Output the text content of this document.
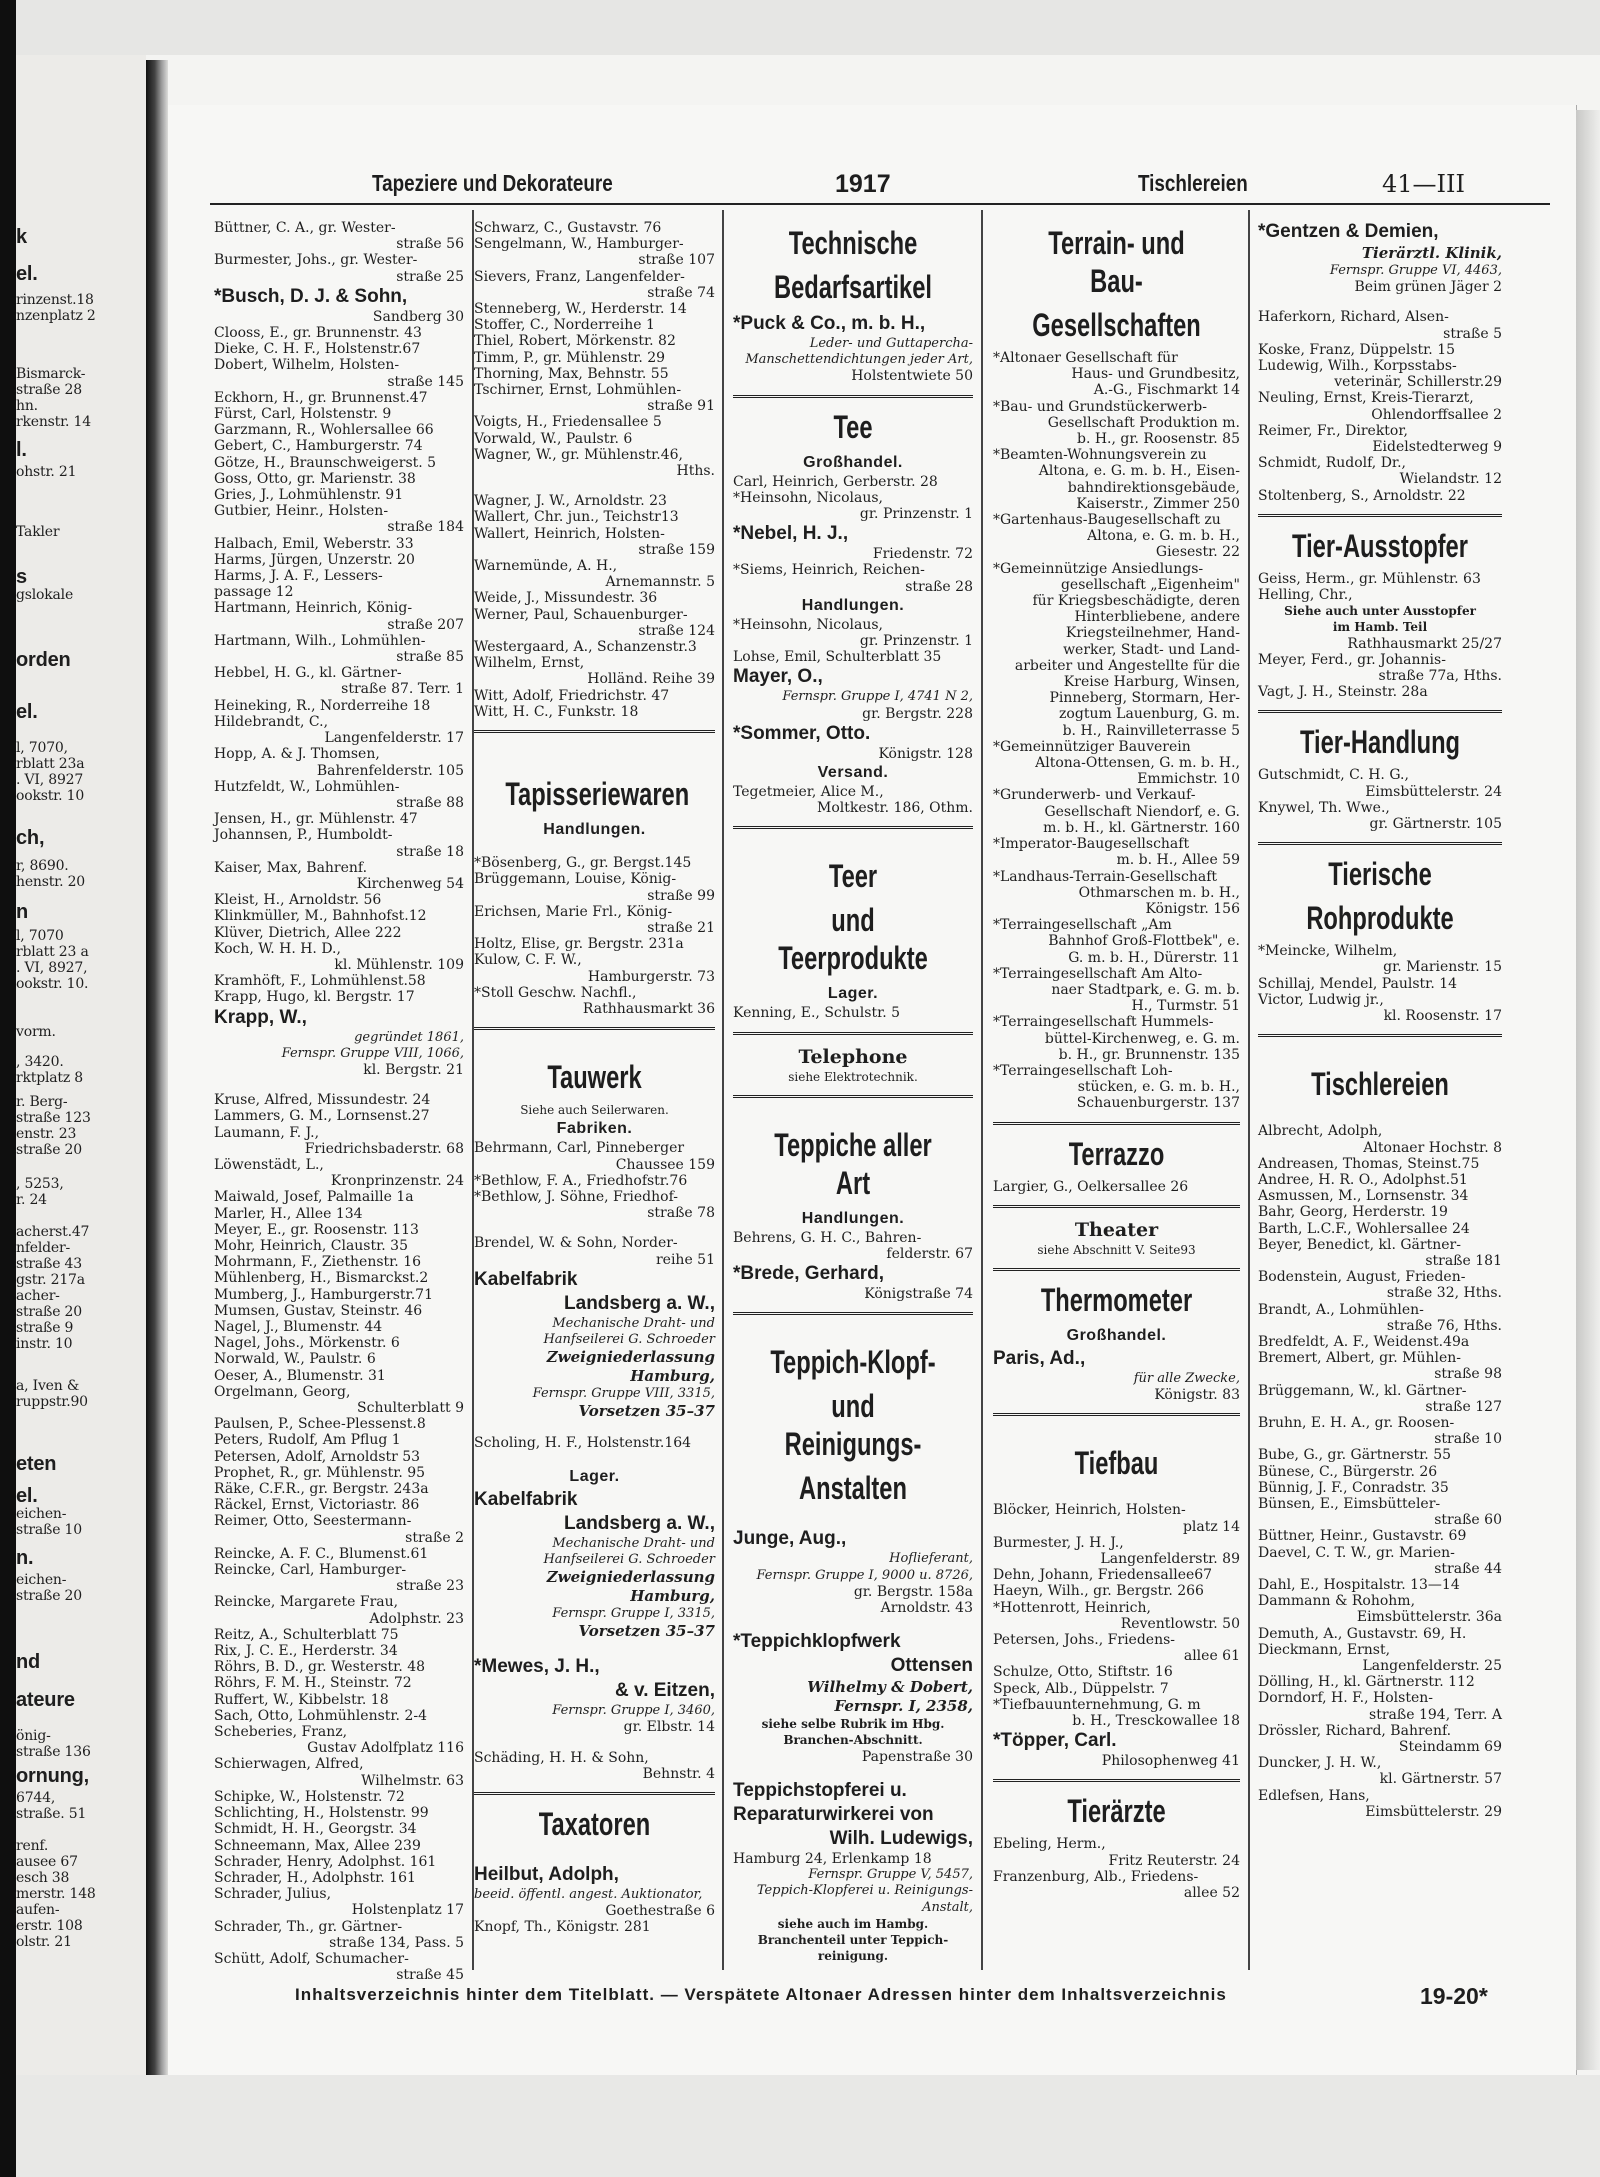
k
el.
rinzenst.18
nzenplatz 2
Bismarck-
straße 28
hn.
rkenstr. 14
l.
ohstr. 21
Takler
s
gslokale
orden
el.
l, 7070,
rblatt 23a
. VI, 8927
ookstr. 10
ch,
r, 8690.
henstr. 20
n
l, 7070
rblatt 23 a
. VI, 8927,
ookstr. 10.
vorm.
, 3420.
rktplatz 8
r. Berg-
straße 123
enstr. 23
straße 20
, 5253,
r. 24
acherst.47
nfelder-
straße 43
gstr. 217a
acher-
straße 20
straße 9
instr. 10
a, Iven &
ruppstr.90
eten
el.
eichen-
straße 10
n.
eichen-
straße 20
nd
ateure
önig-
straße 136
ornung,
6744,
straße. 51
renf.
ausee 67
esch 38
merstr. 148
aufen-
erstr. 108
olstr. 21
Tapeziere und Dekorateure	1917	Tischlereien	41—III
Büttner, C. A., gr. Wester-
straße 56
Burmester, Johs., gr. Wester-
straße 25
*Busch, D. J. & Sohn,
Sandberg 30
Clooss, E., gr. Brunnenstr. 43
Dieke, C. H. F., Holstenstr.67
Dobert, Wilhelm, Holsten-
straße 145
Eckhorn, H., gr. Brunnenst.47
Fürst, Carl, Holstenstr. 9
Garzmann, R., Wohlersallee 66
Gebert, C., Hamburgerstr. 74
Götze, H., Braunschweigerst. 5
Goss, Otto, gr. Marienstr. 38
Gries, J., Lohmühlenstr. 91
Gutbier, Heinr., Holsten-
straße 184
Halbach, Emil, Weberstr. 33
Harms, Jürgen, Unzerstr. 20
Harms, J. A. F., Lessers-
passage 12
Hartmann, Heinrich, König-
straße 207
Hartmann, Wilh., Lohmühlen-
straße 85
Hebbel, H. G., kl. Gärtner-
straße 87. Terr. 1
Heineking, R., Norderreihe 18
Hildebrandt, C.,
Langenfelderstr. 17
Hopp, A. & J. Thomsen,
Bahrenfelderstr. 105
Hutzfeldt, W., Lohmühlen-
straße 88
Jensen, H., gr. Mühlenstr. 47
Johannsen, P., Humboldt-
straße 18
Kaiser, Max, Bahrenf.
Kirchenweg 54
Kleist, H., Arnoldstr. 56
Klinkmüller, M., Bahnhofst.12
Klüver, Dietrich, Allee 222
Koch, W. H. H. D.,
kl. Mühlenstr. 109
Kramhöft, F., Lohmühlenst.58
Krapp, Hugo, kl. Bergstr. 17
Krapp, W.,
gegründet 1861,
Fernspr. Gruppe VIII, 1066,
kl. Bergstr. 21
Kruse, Alfred, Missundestr. 24
Lammers, G. M., Lornsenst.27
Laumann, F. J.,
Friedrichsbaderstr. 68
Löwenstädt, L.,
Kronprinzenstr. 24
Maiwald, Josef, Palmaille 1a
Marler, H., Allee 134
Meyer, E., gr. Roosenstr. 113
Mohr, Heinrich, Claustr. 35
Mohrmann, F., Ziethenstr. 16
Mühlenberg, H., Bismarckst.2
Mumberg, J., Hamburgerstr.71
Mumsen, Gustav, Steinstr. 46
Nagel, J., Blumenstr. 44
Nagel, Johs., Mörkenstr. 6
Norwald, W., Paulstr. 6
Oeser, A., Blumenstr. 31
Orgelmann, Georg,
Schulterblatt 9
Paulsen, P., Schee-Plessenst.8
Peters, Rudolf, Am Pflug 1
Petersen, Adolf, Arnoldstr 53
Prophet, R., gr. Mühlenstr. 95
Räke, C.F.R., gr. Bergstr. 243a
Räckel, Ernst, Victoriastr. 86
Reimer, Otto, Seestermann-
straße 2
Reincke, A. F. C., Blumenst.61
Reincke, Carl, Hamburger-
straße 23
Reincke, Margarete Frau,
Adolphstr. 23
Reitz, A., Schulterblatt 75
Rix, J. C. E., Herderstr. 34
Röhrs, B. D., gr. Westerstr. 48
Röhrs, F. M. H., Steinstr. 72
Ruffert, W., Kibbelstr. 18
Sach, Otto, Lohmühlenstr. 2-4
Scheberies, Franz,
Gustav Adolfplatz 116
Schierwagen, Alfred,
Wilhelmstr. 63
Schipke, W., Holstenstr. 72
Schlichting, H., Holstenstr. 99
Schmidt, H. H., Georgstr. 34
Schneemann, Max, Allee 239
Schrader, Henry, Adolphst. 161
Schrader, H., Adolphstr. 161
Schrader, Julius,
Holstenplatz 17
Schrader, Th., gr. Gärtner-
straße 134, Pass. 5
Schütt, Adolf, Schumacher-
straße 45
Schwarz, C., Gustavstr. 76
Sengelmann, W., Hamburger-
straße 107
Sievers, Franz, Langenfelder-
straße 74
Stenneberg, W., Herderstr. 14
Stoffer, C., Norderreihe 1
Thiel, Robert, Mörkenstr. 82
Timm, P., gr. Mühlenstr. 29
Thorning, Max, Behnstr. 55
Tschirner, Ernst, Lohmühlen-
straße 91
Voigts, H., Friedensallee 5
Vorwald, W., Paulstr. 6
Wagner, W., gr. Mühlenstr.46,
Hths.
Wagner, J. W., Arnoldstr. 23
Wallert, Chr. jun., Teichstr13
Wallert, Heinrich, Holsten-
straße 159
Warnemünde, A. H.,
Arnemannstr. 5
Weide, J., Missundestr. 36
Werner, Paul, Schauenburger-
straße 124
Westergaard, A., Schanzenstr.3
Wilhelm, Ernst,
Holländ. Reihe 39
Witt, Adolf, Friedrichstr. 47
Witt, H. C., Funkstr. 18
Tapisseriewaren
Handlungen.
*Bösenberg, G., gr. Bergst.145
Brüggemann, Louise, König-
straße 99
Erichsen, Marie Frl., König-
straße 21
Holtz, Elise, gr. Bergstr. 231a
Kulow, C. F. W.,
Hamburgerstr. 73
*Stoll Geschw. Nachfl.,
Rathhausmarkt 36
Tauwerk
Siehe auch Seilerwaren.
Fabriken.
Behrmann, Carl, Pinneberger
Chaussee 159
*Bethlow, F. A., Friedhofstr.76
*Bethlow, J. Söhne, Friedhof-
straße 78
Brendel, W. & Sohn, Norder-
reihe 51
Kabelfabrik
Landsberg a. W.,
Mechanische Draht- und
Hanfseilerei G. Schroeder
Zweigniederlassung
Hamburg,
Fernspr. Gruppe VIII, 3315,
Vorsetzen 35–37
Scholing, H. F., Holstenstr.164
Lager.
Kabelfabrik
Landsberg a. W.,
Mechanische Draht- und
Hanfseilerei G. Schroeder
Zweigniederlassung
Hamburg,
Fernspr. Gruppe I, 3315,
Vorsetzen 35–37
*Mewes, J. H.,
& v. Eitzen,
Fernspr. Gruppe I, 3460,
gr. Elbstr. 14
Schäding, H. H. & Sohn,
Behnstr. 4
Taxatoren
Heilbut, Adolph,
beeid. öffentl. angest. Auktionator,
Goethestraße 6
Knopf, Th., Königstr. 281
Technische
Bedarfsartikel
*Puck & Co., m. b. H.,
Leder- und Guttapercha-
Manschettendichtungen jeder Art,
Holstentwiete 50
Tee
Großhandel.
Carl, Heinrich, Gerberstr. 28
*Heinsohn, Nicolaus,
gr. Prinzenstr. 1
*Nebel, H. J.,
Friedenstr. 72
*Siems, Heinrich, Reichen-
straße 28
Handlungen.
*Heinsohn, Nicolaus,
gr. Prinzenstr. 1
Lohse, Emil, Schulterblatt 35
Mayer, O.,
Fernspr. Gruppe I, 4741 N 2,
gr. Bergstr. 228
*Sommer, Otto.
Königstr. 128
Versand.
Tegetmeier, Alice M.,
Moltkestr. 186, Othm.
Teer
und Teerprodukte
Lager.
Kenning, E., Schulstr. 5
Telephone
siehe Elektrotechnik.
Teppiche aller Art
Handlungen.
Behrens, G. H. C., Bahren-
felderstr. 67
*Brede, Gerhard,
Königstraße 74
Teppich-Klopf-
und Reinigungs-
Anstalten
Junge, Aug.,
Hoflieferant,
Fernspr. Gruppe I, 9000 u. 8726,
gr. Bergstr. 158a
Arnoldstr. 43
*Teppichklopfwerk
Ottensen
Wilhelmy & Dobert,
Fernspr. I, 2358,
siehe selbe Rubrik im Hbg.
Branchen-Abschnitt.
Papenstraße 30
Teppichstopferei u.
Reparaturwirkerei von
Wilh. Ludewigs,
Hamburg 24, Erlenkamp 18
Fernspr. Gruppe V, 5457,
Teppich-Klopferei u. Reinigungs-
Anstalt,
siehe auch im Hambg.
Branchenteil unter Teppich-
reinigung.
Terrain- und Bau-
Gesellschaften
*Altonaer Gesellschaft für
Haus- und Grundbesitz,
A.-G., Fischmarkt 14
*Bau- und Grundstückerwerb-
Gesellschaft Produktion m.
b. H., gr. Roosenstr. 85
*Beamten-Wohnungsverein zu
Altona, e. G. m. b. H., Eisen-
bahndirektionsgebäude,
Kaiserstr., Zimmer 250
*Gartenhaus-Baugesellschaft zu
Altona, e. G. m. b. H.,
Giesestr. 22
*Gemeinnützige Ansiedlungs-
gesellschaft „Eigenheim"
für Kriegsbeschädigte, deren
Hinterbliebene, andere
Kriegsteilnehmer, Hand-
werker, Stadt- und Land-
arbeiter und Angestellte für die
Kreise Harburg, Winsen,
Pinneberg, Stormarn, Her-
zogtum Lauenburg, G. m.
b. H., Rainvilleterrasse 5
*Gemeinnütziger Bauverein
Altona-Ottensen, G. m. b. H.,
Emmichstr. 10
*Grunderwerb- und Verkauf-
Gesellschaft Niendorf, e. G.
m. b. H., kl. Gärtnerstr. 160
*Imperator-Baugesellschaft
m. b. H., Allee 59
*Landhaus-Terrain-Gesellschaft
Othmarschen m. b. H.,
Königstr. 156
*Terraingesellschaft „Am
Bahnhof Groß-Flottbek", e.
G. m. b. H., Dürerstr. 11
*Terraingesellschaft Am Alto-
naer Stadtpark, e. G. m. b.
H., Turmstr. 51
*Terraingesellschaft Hummels-
büttel-Kirchenweg, e. G. m.
b. H., gr. Brunnenstr. 135
*Terraingesellschaft Loh-
stücken, e. G. m. b. H.,
Schauenburgerstr. 137
Terrazzo
Largier, G., Oelkersallee 26
Theater
siehe Abschnitt V. Seite93
Thermometer
Großhandel.
Paris, Ad.,
für alle Zwecke,
Königstr. 83
Tiefbau
Blöcker, Heinrich, Holsten-
platz 14
Burmester, J. H. J.,
Langenfelderstr. 89
Dehn, Johann, Friedensallee67
Haeyn, Wilh., gr. Bergstr. 266
*Hottenrott, Heinrich,
Reventlowstr. 50
Petersen, Johs., Friedens-
allee 61
Schulze, Otto, Stiftstr. 16
Speck, Alb., Düppelstr. 7
*Tiefbauunternehmung, G. m
b. H., Tresckowallee 18
*Töpper, Carl.
Philosophenweg 41
Tierärzte
Ebeling, Herm.,
Fritz Reuterstr. 24
Franzenburg, Alb., Friedens-
allee 52
*Gentzen & Demien,
Tierärztl. Klinik,
Fernspr. Gruppe VI, 4463,
Beim grünen Jäger 2
Haferkorn, Richard, Alsen-
straße 5
Koske, Franz, Düppelstr. 15
Ludewig, Wilh., Korpsstabs-
veterinär, Schillerstr.29
Neuling, Ernst, Kreis-Tierarzt,
Ohlendorffsallee 2
Reimer, Fr., Direktor,
Eidelstedterweg 9
Schmidt, Rudolf, Dr.,
Wielandstr. 12
Stoltenberg, S., Arnoldstr. 22
Tier-Ausstopfer
Geiss, Herm., gr. Mühlenstr. 63
Helling, Chr.,
Siehe auch unter Ausstopfer
im Hamb. Teil
Rathhausmarkt 25/27
Meyer, Ferd., gr. Johannis-
straße 77a, Hths.
Vagt, J. H., Steinstr. 28a
Tier-Handlung
Gutschmidt, C. H. G.,
Eimsbüttelerstr. 24
Knywel, Th. Wwe.,
gr. Gärtnerstr. 105
Tierische
Rohprodukte
*Meincke, Wilhelm,
gr. Marienstr. 15
Schillaj, Mendel, Paulstr. 14
Victor, Ludwig jr.,
kl. Roosenstr. 17
Tischlereien
Albrecht, Adolph,
Altonaer Hochstr. 8
Andreasen, Thomas, Steinst.75
Andree, H. R. O., Adolphst.51
Asmussen, M., Lornsenstr. 34
Bahr, Georg, Herderstr. 19
Barth, L.C.F., Wohlersallee 24
Beyer, Benedict, kl. Gärtner-
straße 181
Bodenstein, August, Frieden-
straße 32, Hths.
Brandt, A., Lohmühlen-
straße 76, Hths.
Bredfeldt, A. F., Weidenst.49a
Bremert, Albert, gr. Mühlen-
straße 98
Brüggemann, W., kl. Gärtner-
straße 127
Bruhn, E. H. A., gr. Roosen-
straße 10
Bube, G., gr. Gärtnerstr. 55
Bünese, C., Bürgerstr. 26
Bünnig, J. F., Conradstr. 35
Bünsen, E., Eimsbütteler-
straße 60
Büttner, Heinr., Gustavstr. 69
Daevel, C. T. W., gr. Marien-
straße 44
Dahl, E., Hospitalstr. 13—14
Dammann & Rohohm,
Eimsbüttelerstr. 36a
Demuth, A., Gustavstr. 69, H.
Dieckmann, Ernst,
Langenfelderstr. 25
Dölling, H., kl. Gärtnerstr. 112
Dorndorf, H. F., Holsten-
straße 194, Terr. A
Drössler, Richard, Bahrenf.
Steindamm 69
Duncker, J. H. W.,
kl. Gärtnerstr. 57
Edlefsen, Hans,
Eimsbüttelerstr. 29
Inhaltsverzeichnis hinter dem Titelblatt. — Verspätete Altonaer Adressen hinter dem Inhaltsverzeichnis	19-20*
